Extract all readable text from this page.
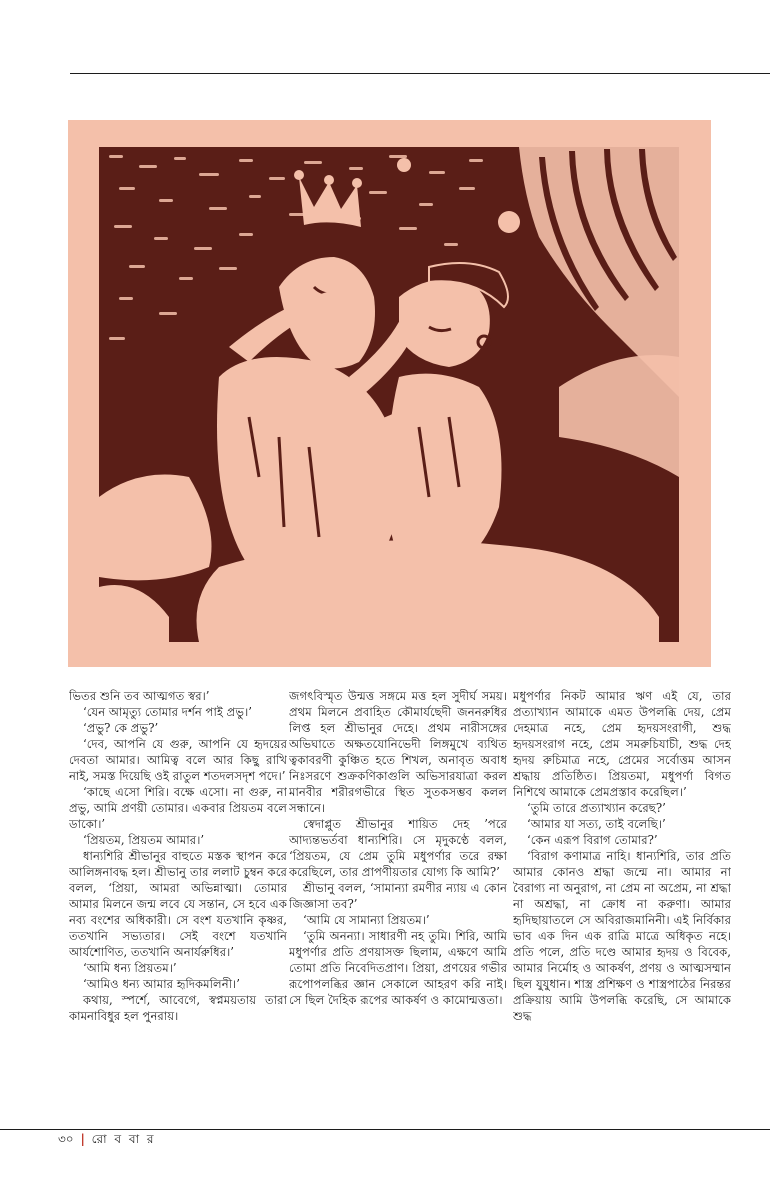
ভিতর শুনি তব আত্মগত স্বর।’

‘যেন আমৃত্যু তোমার দর্শন পাই প্রভু।’

‘প্রভু? কে প্রভু?’

‘দেব, আপনি যে গুরু, আপনি যে হৃদয়ের দেবতা আমার। আমিত্ব বলে আর কিছু রাখি নাই, সমস্ত দিয়েছি ওই রাতুল শতদলসদৃশ পদে।’

‘কাছে এসো শিরি। বক্ষে এসো। না গুরু, না প্রভু, আমি প্রণয়ী তোমার। একবার প্রিয়তম বলে ডাকো।’

‘প্রিয়তম, প্রিয়তম আমার।’

ধান্যশিরি শ্রীভানুর বাহুতে মস্তক স্থাপন করে আলিঙ্গনাবদ্ধ হল। শ্রীভানু তার ললাট চুম্বন করে বলল, ‘প্রিয়া, আমরা অভিন্নাত্মা। তোমার আমার মিলনে জন্ম লবে যে সন্তান, সে হবে এক নব্য বংশের অধিকারী। সে বংশ যতখানি কৃষ্ণর, ততখানি সভ্যতার। সেই বংশে যতখানি আর্যশোণিত, ততখানি অনার্যরুধির।’

‘আমি ধন্য প্রিয়তম।’

‘আমিও ধন্য আমার হৃদিকমলিনী।’

কথায়, স্পর্শে, আবেগে, স্বপ্নময়তায় তারা কামনাবিধুর হল পুনরায়।

জগৎবিস্মৃত উন্মত্ত সঙ্গমে মত্ত হল সুদীর্ঘ সময়। প্রথম মিলনে প্রবাহিত কৌমার্যছেদী জননরুধির লিপ্ত হল শ্রীভানুর দেহে। প্রথম নারীসঙ্গের অভিঘাতে অক্ষতযোনিভেদী লিঙ্গমুখে ব্যথিত ত্বকাবরণী কুঞ্চিত হতে শিখল, অনাবৃত অবাধ নিঃসরণে শুক্রকণিকাগুলি অভিসারযাত্রা করল মানবীর শরীরগভীরে স্থিত সুতকসম্ভব কলল সন্ধানে।

স্বেদাপ্লুত শ্রীভানুর শায়িত দেহ ’পরে আদ্যন্তভর্তবা ধান্যশিরি। সে মৃদুকণ্ঠে বলল, ‘প্রিয়তম, যে প্রেম তুমি মধুপর্ণার তরে রক্ষা করেছিলে, তার প্রাপণীয়তার যোগ্য কি আমি?’

শ্রীভানু বলল, ‘সামান্যা রমণীর ন্যায় এ কোন জিজ্ঞাসা তব?’

‘আমি যে সামান্যা প্রিয়তম।’

‘তুমি অনন্যা। সাধারণী নহ তুমি। শিরি, আমি মধুপর্ণার প্রতি প্রণয়াসক্ত ছিলাম, এক্ষণে আমি তোমা প্রতি নিবেদিতপ্রাণ। প্রিয়া, প্রণয়ের গভীর রূপোপলব্ধির জ্ঞান সেকালে আহরণ করি নাই। সে ছিল দৈহিক রূপের আকর্ষণ ও কামোন্মত্ততা।

মধুপর্ণার নিকট আমার ঋণ এই যে, তার প্রত্যাখ্যান আমাকে এমত উপলব্ধি দেয়, প্রেম দেহমাত্র নহে, প্রেম হৃদয়সংরাগী, শুদ্ধ হৃদয়সংরাগ নহে, প্রেম সমরুচিযাচী, শুদ্ধ দেহ হৃদয় রুচিমাত্র নহে, প্রেমের সর্বোত্তম আসন শ্রদ্ধায় প্রতিষ্ঠিত। প্রিয়তমা, মধুপর্ণা বিগত নিশিথে আমাকে প্রেমপ্রস্তাব করেছিল।’

‘তুমি তারে প্রত্যাখ্যান করেছ?’

‘আমার যা সত্য, তাই বলেছি।’

‘কেন এরূপ বিরাগ তোমার?’

‘বিরাগ কণামাত্র নাহি। ধান্যশিরি, তার প্রতি আমার কোনও শ্রদ্ধা জন্মে না। আমার না বৈরাগ্য না অনুরাগ, না প্রেম না অপ্রেম, না শ্রদ্ধা না অশ্রদ্ধা, না ক্রোধ না করুণা। আমার হৃদিছায়াতলে সে অবিরাজমানিনী। এই নির্বিকার ভাব এক দিন এক রাত্রি মাত্রে অধিকৃত নহে। প্রতি পলে, প্রতি দণ্ডে আমার হৃদয় ও বিবেক, আমার নির্মোহ ও আকর্ষণ, প্রণয় ও আত্মসম্মান ছিল যুযুধান। শাস্ত্র প্রশিক্ষণ ও শাস্ত্রপাঠের নিরন্তর প্রক্রিয়ায় আমি উপলব্ধি করেছি, সে আমাকে শুদ্ধ

৩০ | রো ব বা র
